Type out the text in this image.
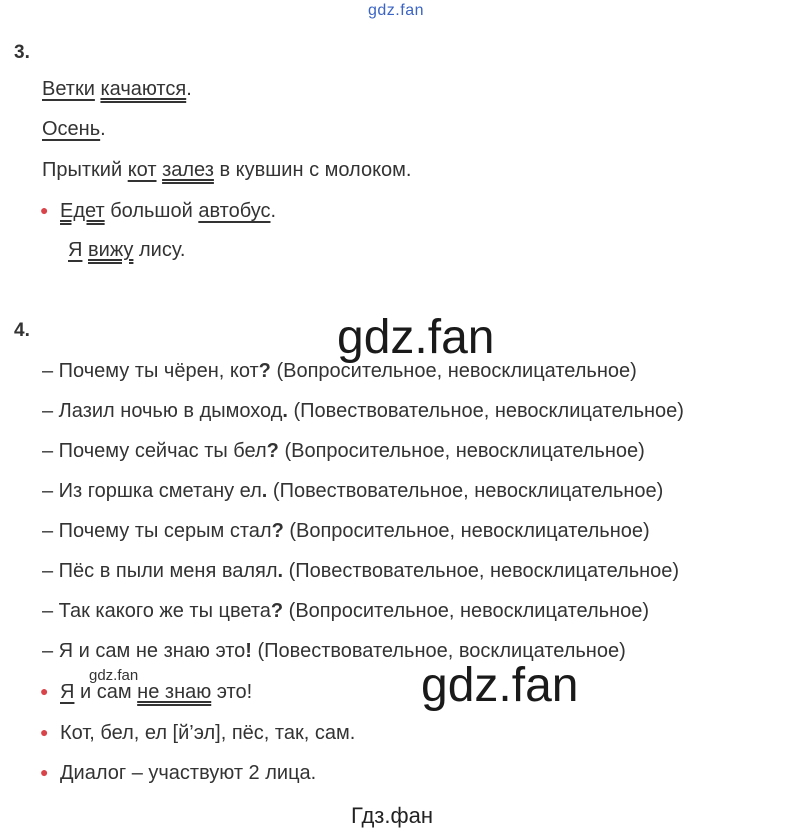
gdz.fan
3.
Ветки качаются.
Осень.
Прыткий кот залез в кувшин с молоком.
● Едет большой автобус.
Я вижу лису.
4.	gdz.fan
– Почему ты чёрен, кот? (Вопросительное, невосклицательное)
– Лазил ночью в дымоход. (Повествовательное, невосклицательное)
– Почему сейчас ты бел? (Вопросительное, невосклицательное)
– Из горшка сметану ел. (Повествовательное, невосклицательное)
– Почему ты серым стал? (Вопросительное, невосклицательное)
– Пёс в пыли меня валял. (Повествовательное, невосклицательное)
– Так какого же ты цвета? (Вопросительное, невосклицательное)
– Я и сам не знаю это! (Повествовательное, восклицательное)
gdz.fan	gdz.fan
● Я и сам не знаю это!
● Кот, бел, ел [й’эл], пёс, так, сам.
● Диалог – участвуют 2 лица.
Гдз.фан
